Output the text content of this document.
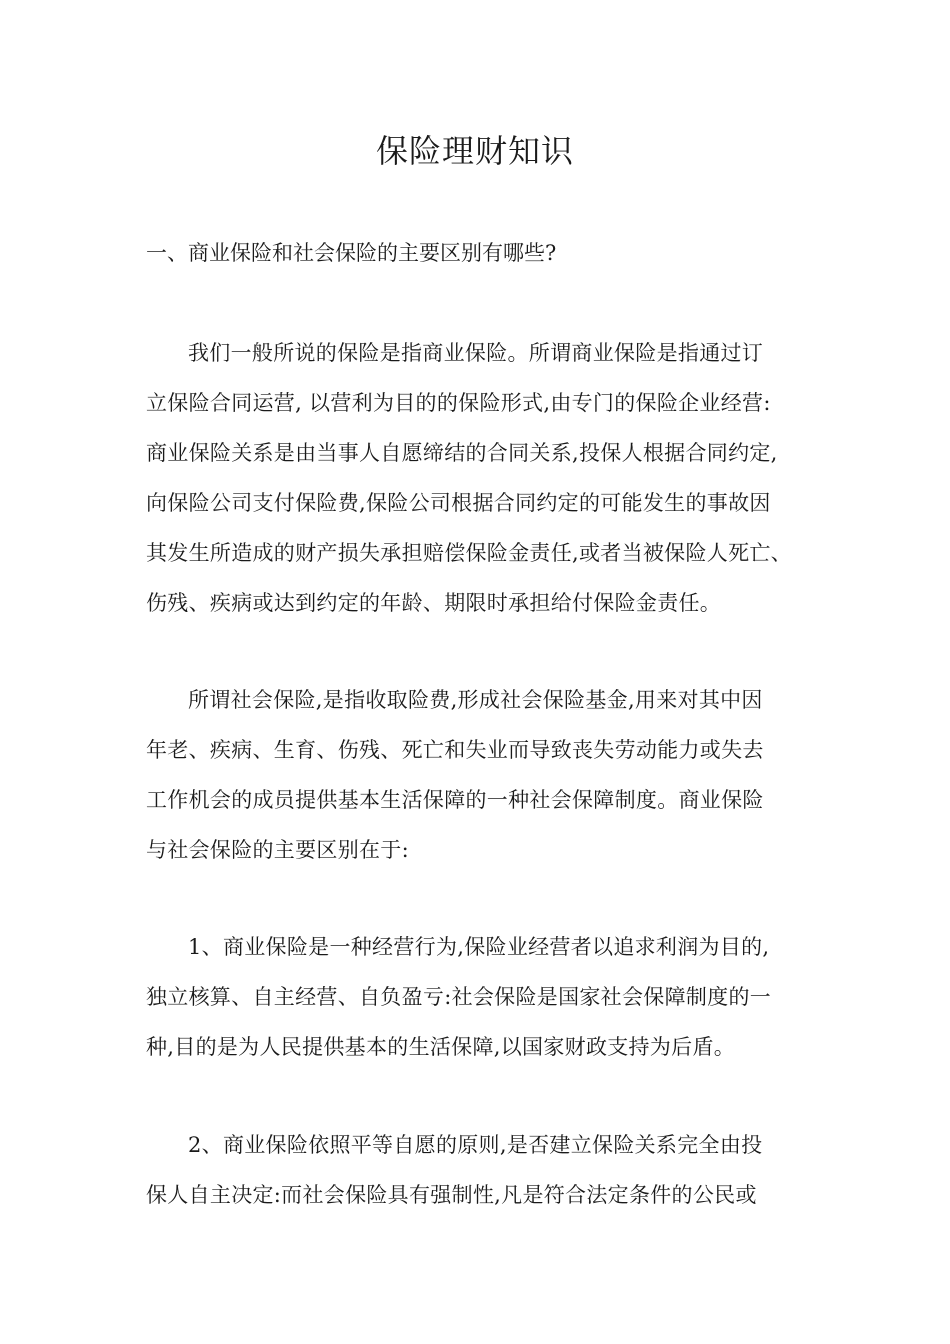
保险理财知识
一、商业保险和社会保险的主要区别有哪些?
我们一般所说的保险是指商业保险。所谓商业保险是指通过订
立保险合同运营, 以营利为目的的保险形式,由专门的保险企业经营:
商业保险关系是由当事人自愿缔结的合同关系,投保人根据合同约定,
向保险公司支付保险费,保险公司根据合同约定的可能发生的事故因
其发生所造成的财产损失承担赔偿保险金责任,或者当被保险人死亡、
伤残、疾病或达到约定的年龄、期限时承担给付保险金责任。
所谓社会保险,是指收取险费,形成社会保险基金,用来对其中因
年老、疾病、生育、伤残、死亡和失业而导致丧失劳动能力或失去
工作机会的成员提供基本生活保障的一种社会保障制度。商业保险
与社会保险的主要区别在于:
1、商业保险是一种经营行为,保险业经营者以追求利润为目的,
独立核算、自主经营、自负盈亏:社会保险是国家社会保障制度的一
种,目的是为人民提供基本的生活保障,以国家财政支持为后盾。
2、商业保险依照平等自愿的原则,是否建立保险关系完全由投
保人自主决定:而社会保险具有强制性,凡是符合法定条件的公民或
